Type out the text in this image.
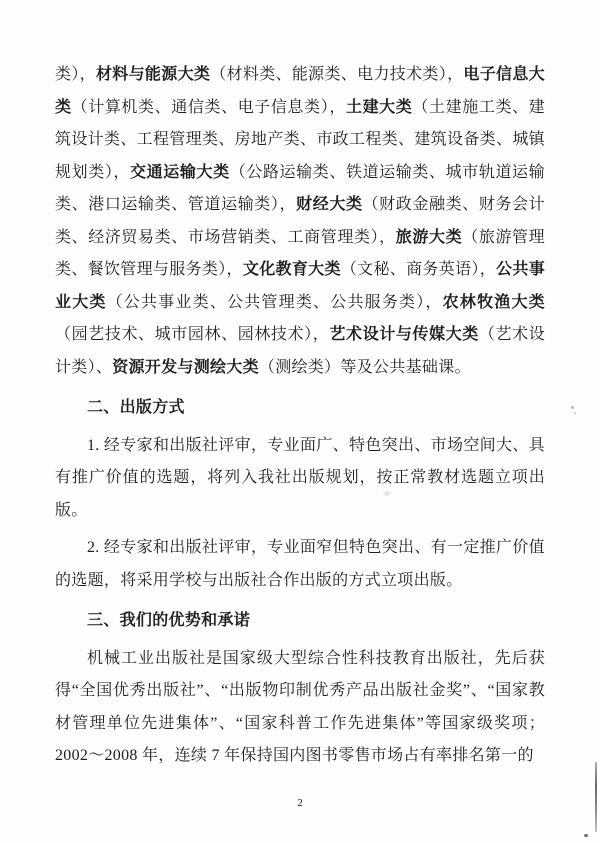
类），材料与能源大类（材料类、能源类、电力技术类），电子信息大类（计算机类、通信类、电子信息类），土建大类（土建施工类、建筑设计类、工程管理类、房地产类、市政工程类、建筑设备类、城镇规划类），交通运输大类（公路运输类、铁道运输类、城市轨道运输类、港口运输类、管道运输类），财经大类（财政金融类、财务会计类、经济贸易类、市场营销类、工商管理类），旅游大类（旅游管理类、餐饮管理与服务类），文化教育大类（文秘、商务英语），公共事业大类（公共事业类、公共管理类、公共服务类），农林牧渔大类（园艺技术、城市园林、园林技术），艺术设计与传媒大类（艺术设计类）、资源开发与测绘大类（测绘类）等及公共基础课。

二、出版方式

1. 经专家和出版社评审，专业面广、特色突出、市场空间大、具有推广价值的选题，将列入我社出版规划，按正常教材选题立项出版。

2. 经专家和出版社评审，专业面窄但特色突出、有一定推广价值的选题，将采用学校与出版社合作出版的方式立项出版。

三、我们的优势和承诺

机械工业出版社是国家级大型综合性科技教育出版社，先后获得“全国优秀出版社”、“出版物印制优秀产品出版社金奖”、“国家教材管理单位先进集体”、“国家科普工作先进集体”等国家级奖项；2002～2008 年，连续 7 年保持国内图书零售市场占有率排名第一的

2
